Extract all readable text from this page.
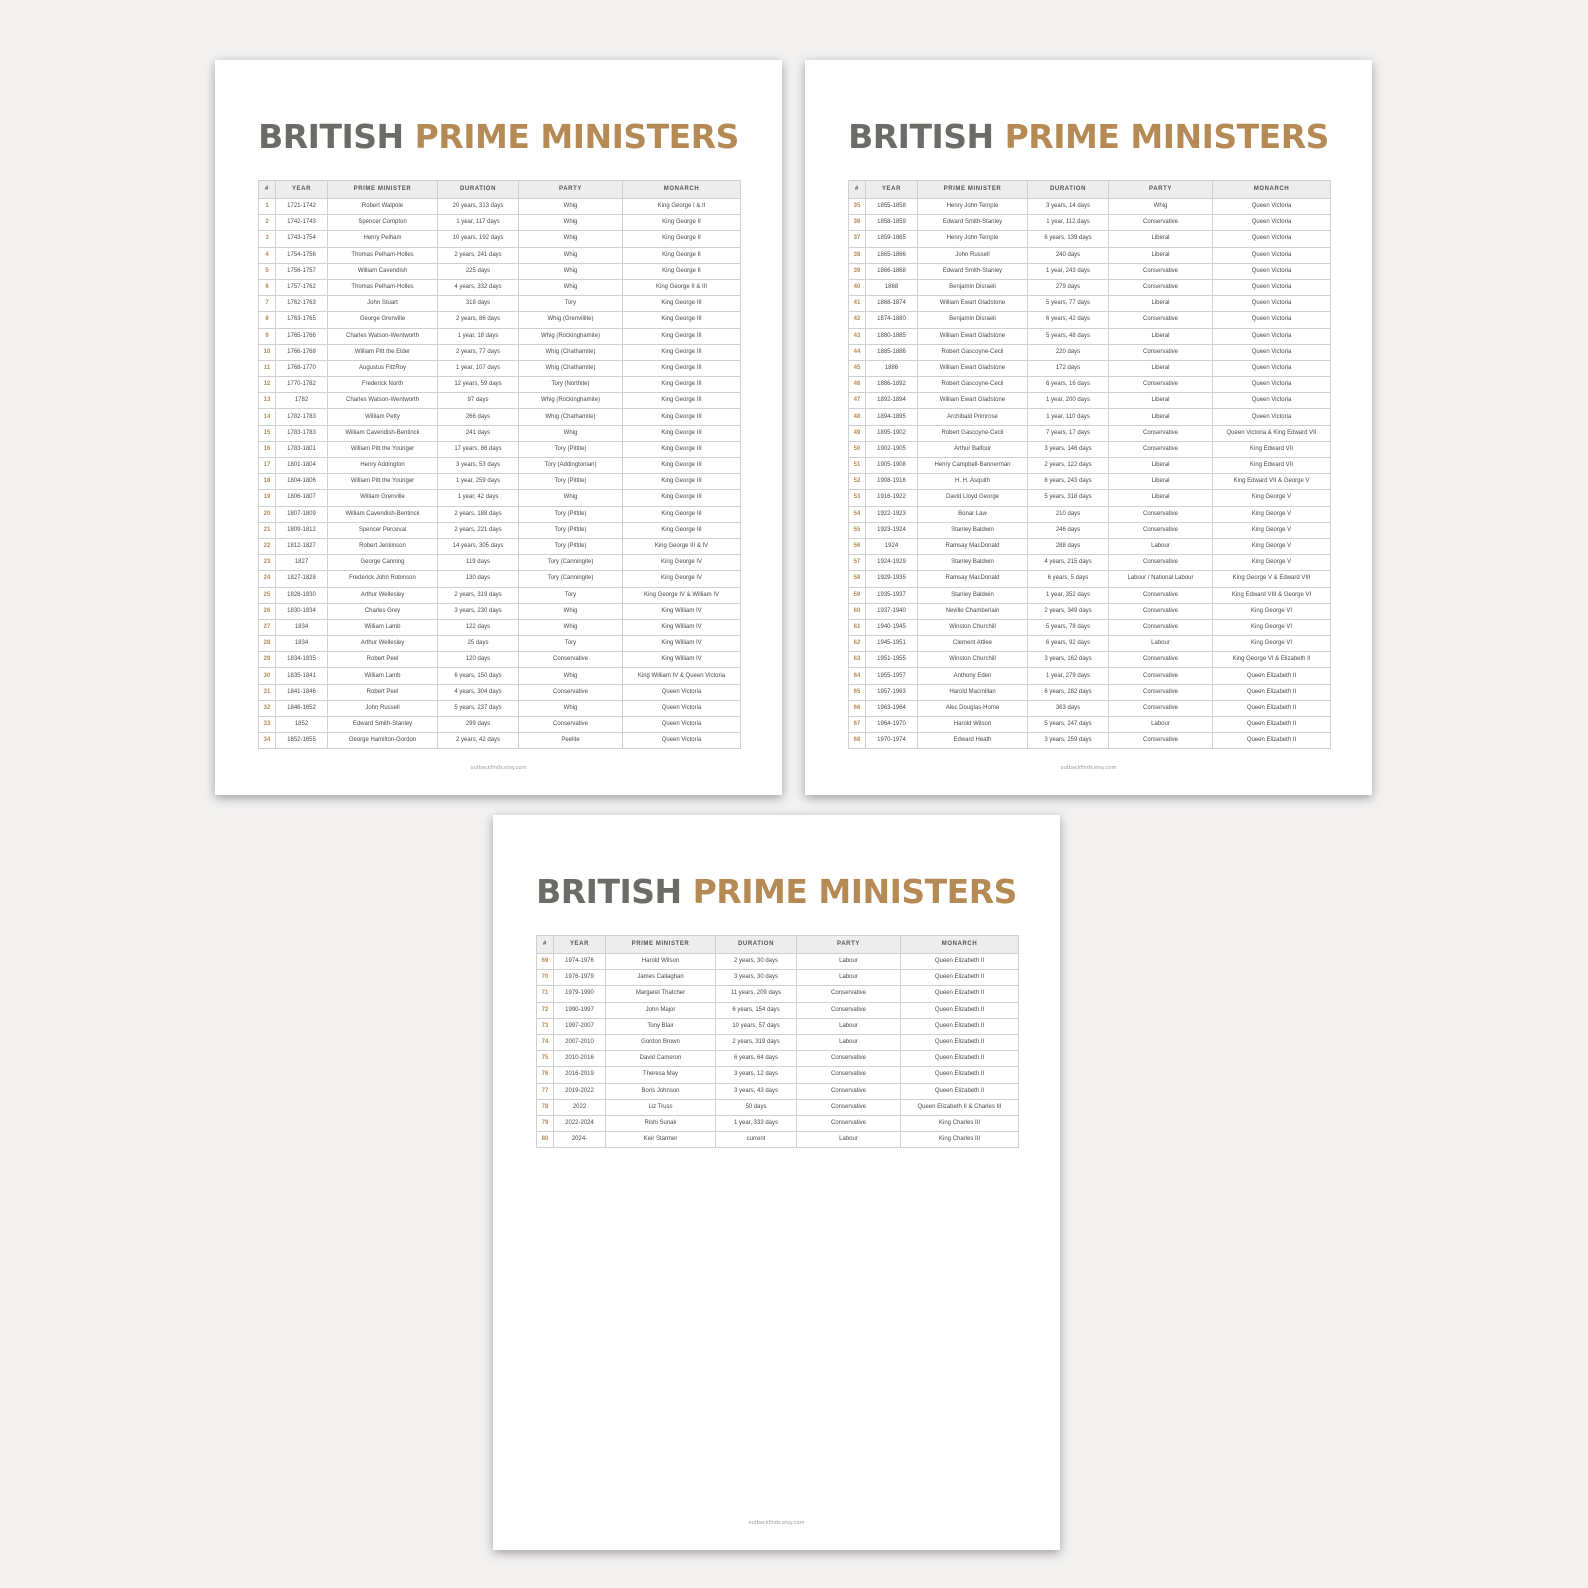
BRITISH PRIME MINISTERS
#	YEAR	PRIME MINISTER	DURATION	PARTY	MONARCH
1	1721-1742	Robert Walpole	20 years, 313 days	Whig	King George I & II
2	1742-1743	Spencer Compton	1 year, 117 days	Whig	King George II
3	1743-1754	Henry Pelham	10 years, 192 days	Whig	King George II
4	1754-1756	Thomas Pelham-Holles	2 years, 241 days	Whig	King George II
5	1756-1757	William Cavendish	225 days	Whig	King George II
6	1757-1762	Thomas Pelham-Holles	4 years, 332 days	Whig	King George II & III
7	1762-1763	John Stuart	318 days	Tory	King George III
8	1763-1765	George Grenville	2 years, 86 days	Whig (Grenvillite)	King George III
9	1765-1766	Charles Watson-Wentworth	1 year, 18 days	Whig (Rockinghamite)	King George III
10	1766-1768	William Pitt the Elder	2 years, 77 days	Whig (Chathamite)	King George III
11	1768-1770	Augustus FitzRoy	1 year, 107 days	Whig (Chathamite)	King George III
12	1770-1782	Frederick North	12 years, 59 days	Tory (Northite)	King George III
13	1782	Charles Watson-Wentworth	97 days	Whig (Rockinghamite)	King George III
14	1782-1783	William Petty	266 days	Whig (Chathamite)	King George III
15	1783-1783	William Cavendish-Bentinck	241 days	Whig	King George III
16	1783-1801	William Pitt the Younger	17 years, 86 days	Tory (Pittite)	King George III
17	1801-1804	Henry Addington	3 years, 53 days	Tory (Addingtonian)	King George III
18	1804-1806	William Pitt the Younger	1 year, 259 days	Tory (Pittite)	King George III
19	1806-1807	William Grenville	1 year, 42 days	Whig	King George III
20	1807-1809	William Cavendish-Bentinck	2 years, 188 days	Tory (Pittite)	King George III
21	1809-1812	Spencer Perceval	2 years, 221 days	Tory (Pittite)	King George III
22	1812-1827	Robert Jenkinson	14 years, 305 days	Tory (Pittite)	King George III & IV
23	1827	George Canning	119 days	Tory (Canningite)	King George IV
24	1827-1828	Frederick John Robinson	130 days	Tory (Canningite)	King George IV
25	1828-1830	Arthur Wellesley	2 years, 319 days	Tory	King George IV & William IV
26	1830-1834	Charles Grey	3 years, 230 days	Whig	King William IV
27	1834	William Lamb	122 days	Whig	King William IV
28	1834	Arthur Wellesley	25 days	Tory	King William IV
29	1834-1835	Robert Peel	120 days	Conservative	King William IV
30	1835-1841	William Lamb	6 years, 150 days	Whig	King William IV & Queen Victoria
31	1841-1846	Robert Peel	4 years, 304 days	Conservative	Queen Victoria
32	1846-1852	John Russell	5 years, 237 days	Whig	Queen Victoria
33	1852	Edward Smith-Stanley	299 days	Conservative	Queen Victoria
34	1852-1855	George Hamilton-Gordon	2 years, 42 days	Peelite	Queen Victoria
outbackfinds.etsy.com
BRITISH PRIME MINISTERS
#	YEAR	PRIME MINISTER	DURATION	PARTY	MONARCH
35	1855-1858	Henry John Temple	3 years, 14 days	Whig	Queen Victoria
36	1858-1859	Edward Smith-Stanley	1 year, 112 days	Conservative	Queen Victoria
37	1859-1865	Henry John Temple	6 years, 139 days	Liberal	Queen Victoria
38	1865-1866	John Russell	240 days	Liberal	Queen Victoria
39	1866-1868	Edward Smith-Stanley	1 year, 243 days	Conservative	Queen Victoria
40	1868	Benjamin Disraeli	279 days	Conservative	Queen Victoria
41	1868-1874	William Ewart Gladstone	5 years, 77 days	Liberal	Queen Victoria
42	1874-1880	Benjamin Disraeli	6 years, 42 days	Conservative	Queen Victoria
43	1880-1885	William Ewart Gladstone	5 years, 48 days	Liberal	Queen Victoria
44	1885-1886	Robert Gascoyne-Cecil	220 days	Conservative	Queen Victoria
45	1886	William Ewart Gladstone	172 days	Liberal	Queen Victoria
46	1886-1892	Robert Gascoyne-Cecil	6 years, 16 days	Conservative	Queen Victoria
47	1892-1894	William Ewart Gladstone	1 year, 200 days	Liberal	Queen Victoria
48	1894-1895	Archibald Primrose	1 year, 110 days	Liberal	Queen Victoria
49	1895-1902	Robert Gascoyne-Cecil	7 years, 17 days	Conservative	Queen Victoria & King Edward VII
50	1902-1905	Arthur Balfour	3 years, 146 days	Conservative	King Edward VII
51	1905-1908	Henry Campbell-Bannerman	2 years, 122 days	Liberal	King Edward VII
52	1908-1916	H. H. Asquith	8 years, 243 days	Liberal	King Edward VII & George V
53	1916-1922	David Lloyd George	5 years, 318 days	Liberal	King George V
54	1922-1923	Bonar Law	210 days	Conservative	King George V
55	1923-1924	Stanley Baldwin	246 days	Conservative	King George V
56	1924	Ramsay MacDonald	288 days	Labour	King George V
57	1924-1929	Stanley Baldwin	4 years, 215 days	Conservative	King George V
58	1929-1935	Ramsay MacDonald	6 years, 5 days	Labour / National Labour	King George V & Edward VIII
59	1935-1937	Stanley Baldwin	1 year, 352 days	Conservative	King Edward VIII & George VI
60	1937-1940	Neville Chamberlain	2 years, 349 days	Conservative	King George VI
61	1940-1945	Winston Churchill	5 years, 78 days	Conservative	King George VI
62	1945-1951	Clement Attlee	6 years, 92 days	Labour	King George VI
63	1951-1955	Winston Churchill	3 years, 162 days	Conservative	King George VI & Elizabeth II
64	1955-1957	Anthony Eden	1 year, 279 days	Conservative	Queen Elizabeth II
65	1957-1963	Harold Macmillan	6 years, 282 days	Conservative	Queen Elizabeth II
66	1963-1964	Alec Douglas-Home	363 days	Conservative	Queen Elizabeth II
67	1964-1970	Harold Wilson	5 years, 247 days	Labour	Queen Elizabeth II
68	1970-1974	Edward Heath	3 years, 259 days	Conservative	Queen Elizabeth II
outbackfinds.etsy.com
BRITISH PRIME MINISTERS
#	YEAR	PRIME MINISTER	DURATION	PARTY	MONARCH
69	1974-1976	Harold Wilson	2 years, 30 days	Labour	Queen Elizabeth II
70	1976-1979	James Callaghan	3 years, 30 days	Labour	Queen Elizabeth II
71	1979-1990	Margaret Thatcher	11 years, 209 days	Conservative	Queen Elizabeth II
72	1990-1997	John Major	6 years, 154 days	Conservative	Queen Elizabeth II
73	1997-2007	Tony Blair	10 years, 57 days	Labour	Queen Elizabeth II
74	2007-2010	Gordon Brown	2 years, 319 days	Labour	Queen Elizabeth II
75	2010-2016	David Cameron	6 years, 64 days	Conservative	Queen Elizabeth II
76	2016-2019	Theresa May	3 years, 12 days	Conservative	Queen Elizabeth II
77	2019-2022	Boris Johnson	3 years, 43 days	Conservative	Queen Elizabeth II
78	2022	Liz Truss	50 days	Conservative	Queen Elizabeth II & Charles III
79	2022-2024	Rishi Sunak	1 year, 333 days	Conservative	King Charles III
80	2024-	Keir Starmer	current	Labour	King Charles III
outbackfinds.etsy.com
